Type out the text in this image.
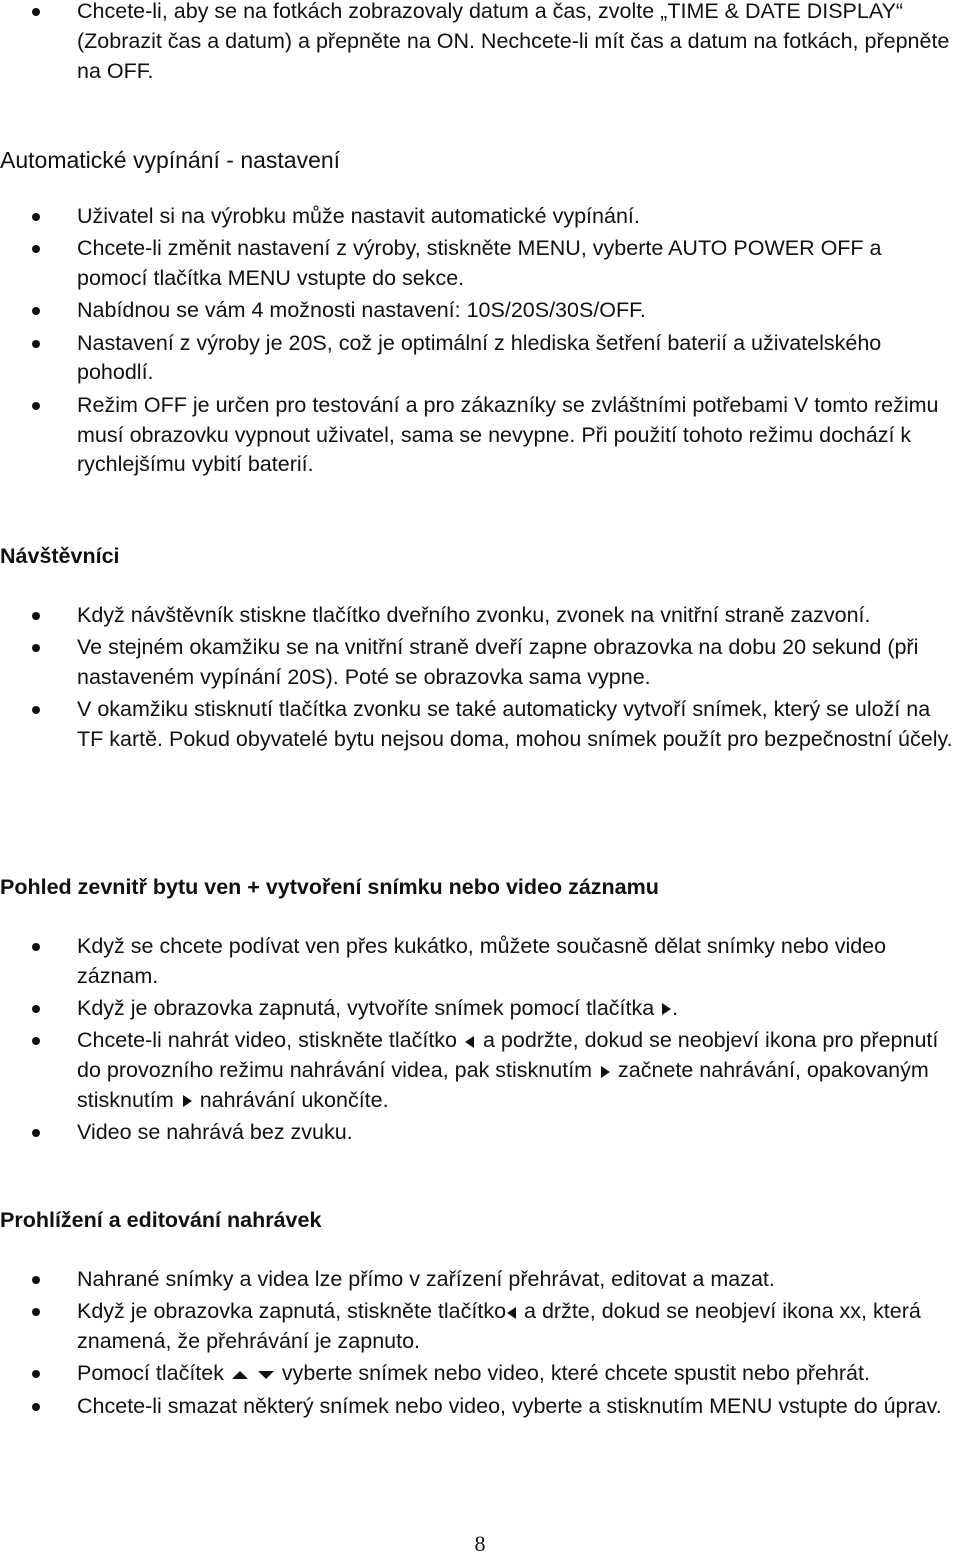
Chcete-li, aby se na fotkách zobrazovaly datum a čas, zvolte „TIME & DATE DISPLAY“ (Zobrazit čas a datum) a přepněte na ON. Nechcete-li mít čas a datum na fotkách, přepněte na OFF.
Automatické vypínání - nastavení
Uživatel si na výrobku může nastavit automatické vypínání.
Chcete-li změnit nastavení z výroby, stiskněte MENU, vyberte AUTO POWER OFF a pomocí tlačítka MENU vstupte do sekce.
Nabídnou se vám 4 možnosti nastavení: 10S/20S/30S/OFF.
Nastavení z výroby je 20S, což je optimální z hlediska šetření baterií a uživatelského pohodlí.
Režim OFF je určen pro testování a pro zákazníky se zvláštními potřebami V tomto režimu musí obrazovku vypnout uživatel, sama se nevypne. Při použití tohoto režimu dochází k rychlejšímu vybití baterií.
Návštěvníci
Když návštěvník stiskne tlačítko dveřního zvonku, zvonek na vnitřní straně zazvoní.
Ve stejném okamžiku se na vnitřní straně dveří zapne obrazovka na dobu 20 sekund (při nastaveném vypínání 20S). Poté se obrazovka sama vypne.
V okamžiku stisknutí tlačítka zvonku se také automaticky vytvoří snímek, který se uloží na TF kartě. Pokud obyvatelé bytu nejsou doma, mohou snímek použít pro bezpečnostní účely.
Pohled zevnitř bytu ven + vytvoření snímku nebo video záznamu
Když se chcete podívat ven přes kukátko, můžete současně dělat snímky nebo video záznam.
Když je obrazovka zapnutá, vytvoříte snímek pomocí tlačítka
.
Chcete-li nahrát video, stiskněte tlačítko
a podržte, dokud se neobjeví ikona pro přepnutí do provozního režimu nahrávání videa, pak stisknutím
začnete nahrávání, opakovaným stisknutím
nahrávání ukončíte.
Video se nahrává bez zvuku.
Prohlížení a editování nahrávek
Nahrané snímky a videa lze přímo v zařízení přehrávat, editovat a mazat.
Když je obrazovka zapnutá, stiskněte tlačítko
a držte, dokud se neobjeví ikona xx, která znamená, že přehrávání je zapnuto.
Pomocí tlačítek
vyberte snímek nebo video, které chcete spustit nebo přehrát.
Chcete-li smazat některý snímek nebo video, vyberte a stisknutím MENU vstupte do úprav.
8
